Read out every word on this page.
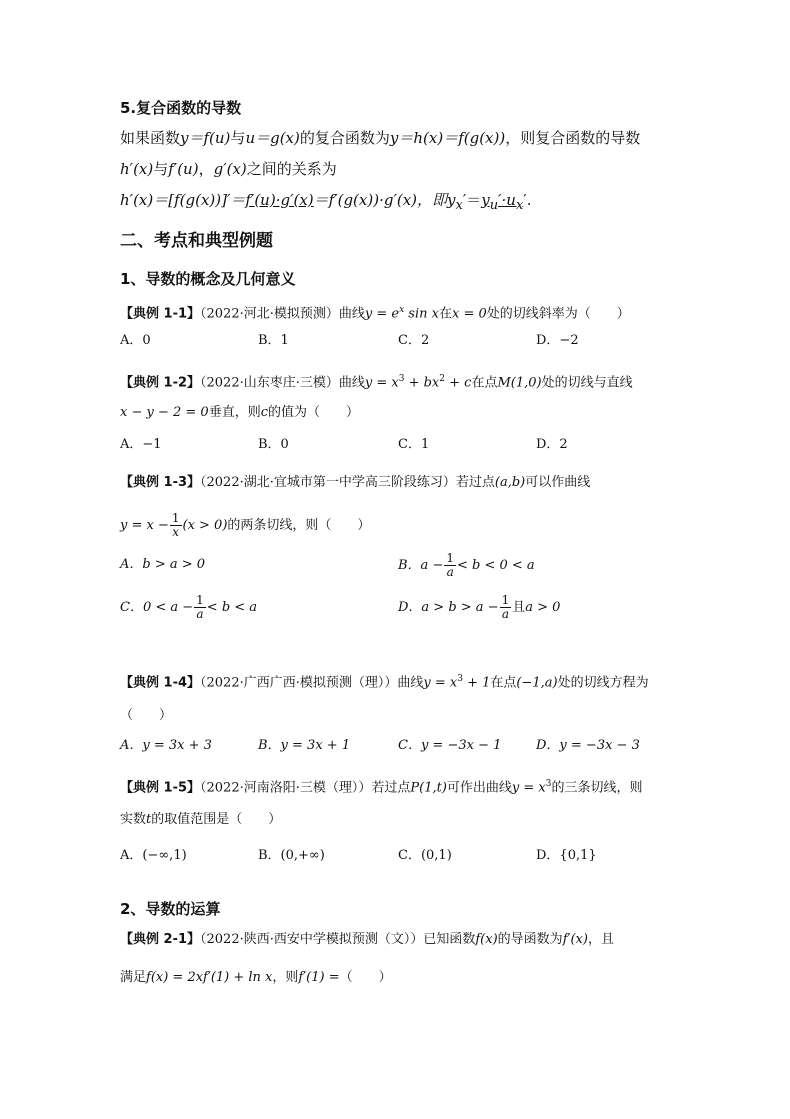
5.复合函数的导数
如果函数y＝f(u)与u＝g(x)的复合函数为y＝h(x)＝f(g(x))，则复合函数的导数
h′(x)与f′(u)，g′(x)之间的关系为
h′(x)＝[f(g(x))]′＝f′(u)·g′(x)＝f′(g(x))·g′(x)，即$y_x'=y_u'\cdot u_x'$.
二、考点和典型例题
1、导数的概念及几何意义
【典例 1-1】（2022·河北·模拟预测）曲线$y = e^x$ sin x在x = 0处的切线斜率为（　　）
A．0	B．1	C．2	D．−2
【典例 1-2】（2022·山东枣庄·三模）曲线$y = x^3 + bx^2 + c$在点M(1,0)处的切线与直线
x − y − 2 = 0垂直，则c的值为（　　）
A．−1	B．0	C．1	D．2
【典例 1-3】（2022·湖北·宜城市第一中学高三阶段练习）若过点(a,b)可以作曲线
$y = x - \frac{1}{x} (x > 0)$的两条切线，则（　　）
A．b > a > 0	B．$a - \frac{1}{a} < b < 0 < a$
C．$0 < a - \frac{1}{a} < b < a$	D．$a > b > a - \frac{1}{a}$ 且a > 0
【典例 1-4】（2022·广西广西·模拟预测（理））曲线$y = x^3 + 1$在点(−1,a)处的切线方程为
（　　）
A．y = 3x + 3	B．y = 3x + 1	C．y = −3x − 1	D．y = −3x − 3
【典例 1-5】（2022·河南洛阳·三模（理））若过点P(1,t)可作出曲线$y = x^3$的三条切线，则
实数t的取值范围是（　　）
A．(−∞,1)	B．(0,+∞)	C．(0,1)	D．{0,1}
2、导数的运算
【典例 2-1】（2022·陕西·西安中学模拟预测（文））已知函数f(x)的导函数为f′(x)，且
满足f(x) = 2xf′(1) + ln x，则f′(1) =（　　）
